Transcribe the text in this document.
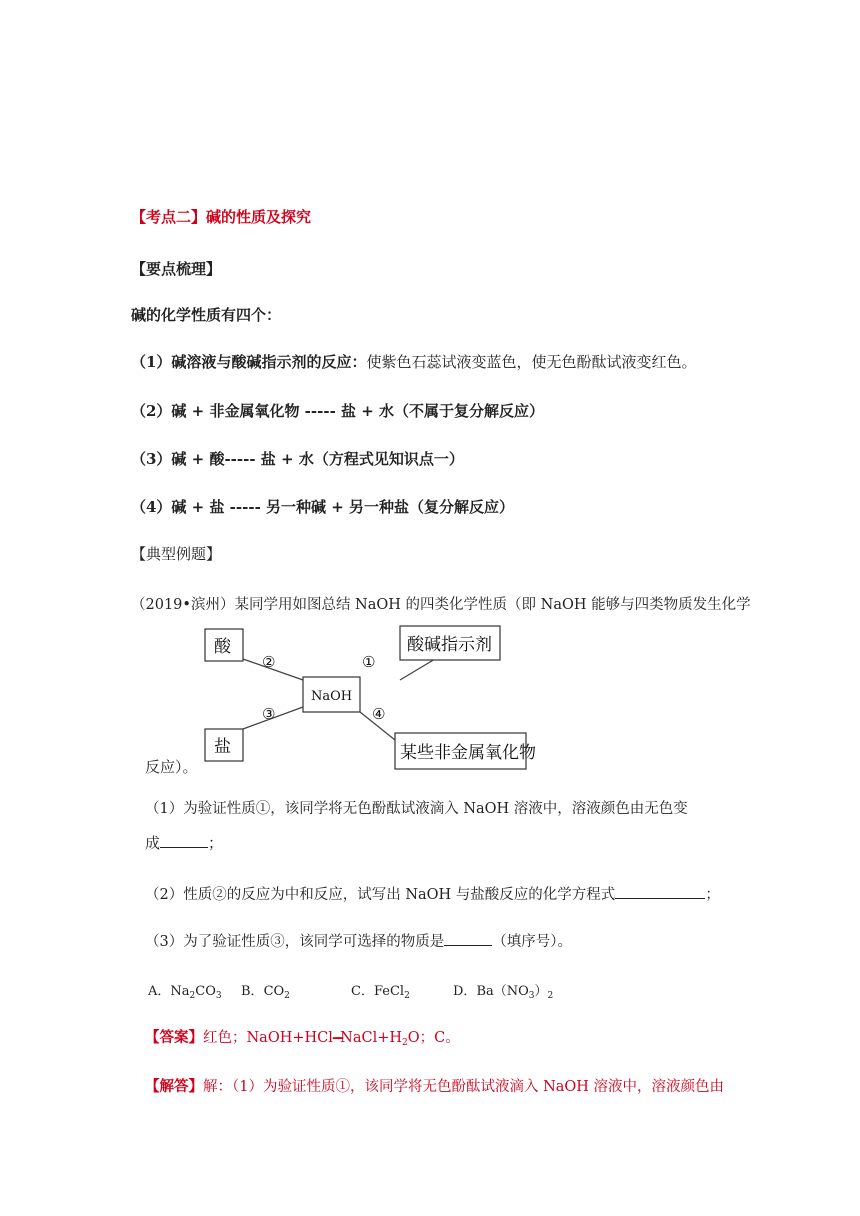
【考点二】碱的性质及探究
【要点梳理】
碱的化学性质有四个：
（1）碱溶液与酸碱指示剂的反应：使紫色石蕊试液变蓝色，使无色酚酞试液变红色。
（2）碱 + 非金属氧化物 ----- 盐 + 水（不属于复分解反应）
（3）碱 + 酸----- 盐 + 水（方程式见知识点一）
（4）碱 + 盐 ----- 另一种碱 + 另一种盐（复分解反应）
【典型例题】
（2019•滨州）某同学用如图总结 NaOH 的四类化学性质（即 NaOH 能够与四类物质发生化学
酸	酸碱指示剂
盐	某些非金属氧化物
NaOH
②	①
③	④
反应）。
（1）为验证性质①，该同学将无色酚酞试液滴入 NaOH 溶液中，溶液颜色由无色变
成	；
（2）性质②的反应为中和反应，试写出 NaOH 与盐酸反应的化学方程式	；
（3）为了验证性质③，该同学可选择的物质是	（填序号）。
A．$Na_2CO_3$ B．$CO_2$	C．FeCl$_2$	D．$Ba(NO_3)_2$
【答案】红色；$NaOH+HCl━━NaCl+H_2O$；C。
【解答】解：（1）为验证性质①，该同学将无色酚酞试液滴入 NaOH 溶液中，溶液颜色由
